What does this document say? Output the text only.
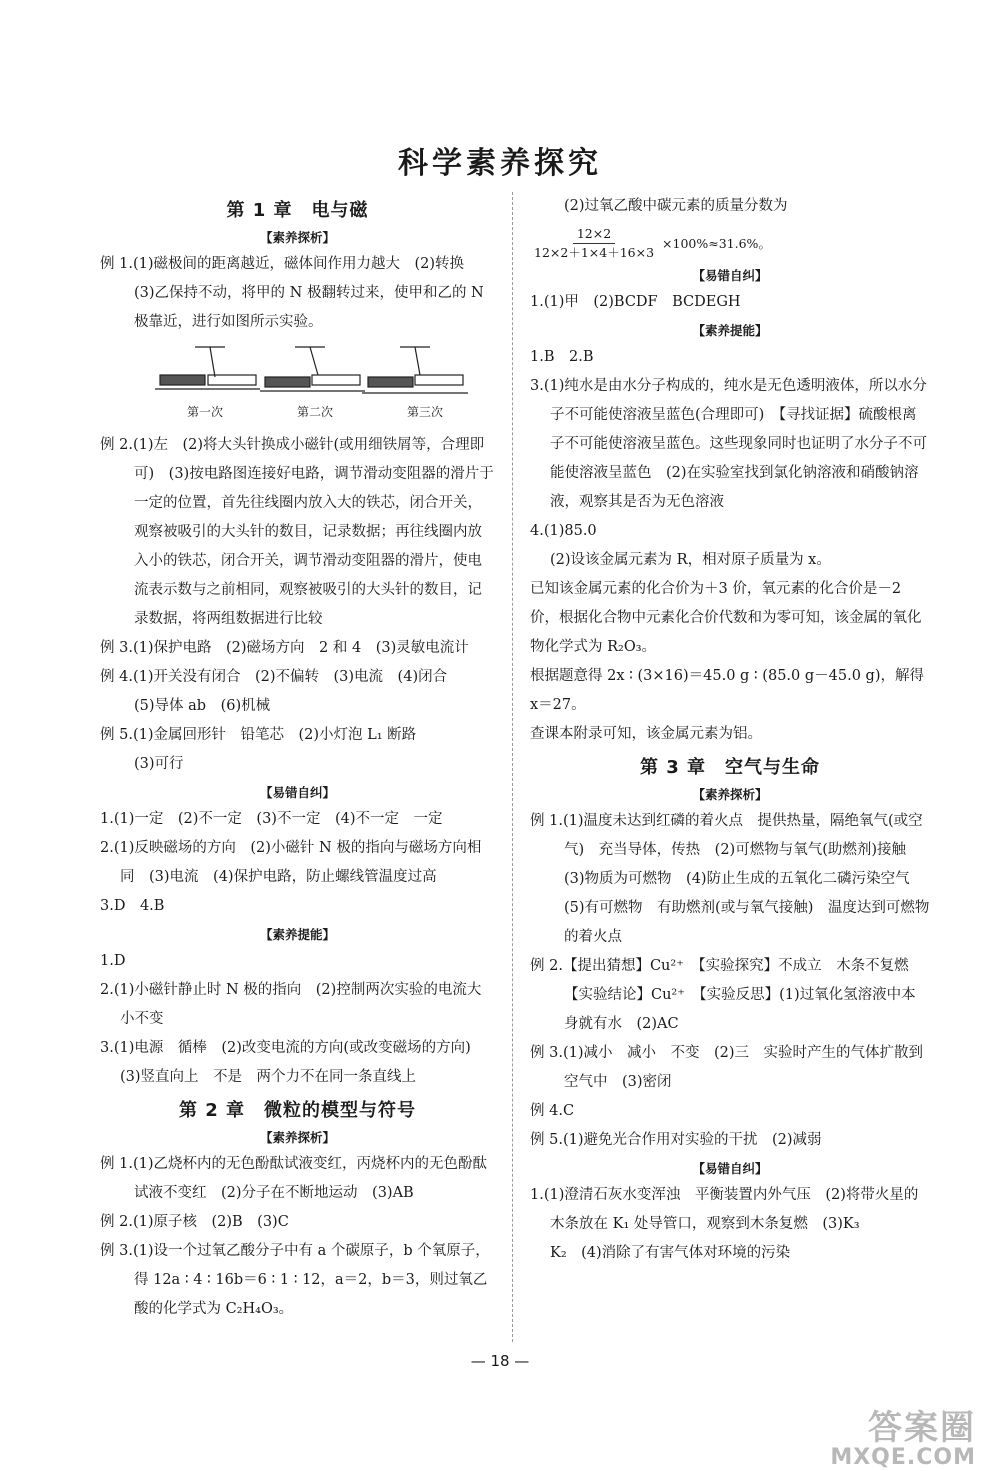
科学素养探究
第 1 章　电与磁
【素养探析】

例 1.(1)磁极间的距离越近，磁体间作用力越大　(2)转换

(3)乙保持不动，将甲的 N 极翻转过来，使甲和乙的 N 极靠近，进行如图所示实验。

第一次	第二次	第三次

例 2.(1)左　(2)将大头针换成小磁针(或用细铁屑等，合理即可)　(3)按电路图连接好电路，调节滑动变阻器的滑片于一定的位置，首先往线圈内放入大的铁芯，闭合开关，观察被吸引的大头针的数目，记录数据；再往线圈内放入小的铁芯，闭合开关，调节滑动变阻器的滑片，使电流表示数与之前相同，观察被吸引的大头针的数目，记录数据，将两组数据进行比较

例 3.(1)保护电路　(2)磁场方向　2 和 4　(3)灵敏电流计

例 4.(1)开关没有闭合　(2)不偏转　(3)电流　(4)闭合

(5)导体 ab　(6)机械

例 5.(1)金属回形针　铅笔芯　(2)小灯泡 L₁ 断路

(3)可行

【易错自纠】

1.(1)一定　(2)不一定　(3)不一定　(4)不一定　一定

2.(1)反映磁场的方向　(2)小磁针 N 极的指向与磁场方向相同　(3)电流　(4)保护电路，防止螺线管温度过高

3.D　4.B

【素养提能】

1.D

2.(1)小磁针静止时 N 极的指向　(2)控制两次实验的电流大小不变

3.(1)电源　循棒　(2)改变电流的方向(或改变磁场的方向)

(3)竖直向上　不是　两个力不在同一条直线上

第 2 章　微粒的模型与符号
【素养探析】

例 1.(1)乙烧杯内的无色酚酞试液变红，丙烧杯内的无色酚酞试液不变红　(2)分子在不断地运动　(3)AB

例 2.(1)原子核　(2)B　(3)C

例 3.(1)设一个过氧乙酸分子中有 a 个碳原子，b 个氧原子，得 12a ∶ 4 ∶ 16b＝6 ∶ 1 ∶ 12，a＝2，b＝3，则过氧乙酸的化学式为 C₂H₄O₃。

(2)过氧乙酸中碳元素的质量分数为

$\frac{12\times 2}{12\times 2+1\times 4+16\times 3} \times 100\%\approx 31.6\%$。
【易错自纠】

1.(1)甲　(2)BCDF　BCDEGH

【素养提能】

1.B　2.B

3.(1)纯水是由水分子构成的，纯水是无色透明液体，所以水分子不可能使溶液呈蓝色(合理即可)　【寻找证据】硫酸根离子不可能使溶液呈蓝色。这些现象同时也证明了水分子不可能使溶液呈蓝色　(2)在实验室找到氯化钠溶液和硝酸钠溶液，观察其是否为无色溶液

4.(1)85.0

(2)设该金属元素为 R，相对原子质量为 x。

已知该金属元素的化合价为＋3 价，氧元素的化合价是－2 价，根据化合物中元素化合价代数和为零可知，该金属的氧化物化学式为 R₂O₃。

根据题意得 2x ∶ (3×16)＝45.0 g ∶ (85.0 g－45.0 g)，解得 x＝27。

查课本附录可知，该金属元素为铝。

第 3 章　空气与生命
【素养探析】

例 1.(1)温度未达到红磷的着火点　提供热量，隔绝氧气(或空气)　充当导体，传热　(2)可燃物与氧气(助燃剂)接触　(3)物质为可燃物　(4)防止生成的五氧化二磷污染空气　(5)有可燃物　有助燃剂(或与氧气接触)　温度达到可燃物的着火点

例 2.【提出猜想】Cu²⁺　【实验探究】不成立　木条不复燃

【实验结论】Cu²⁺　【实验反思】(1)过氧化氢溶液中本身就有水　(2)AC

例 3.(1)减小　减小　不变　(2)三　实验时产生的气体扩散到空气中　(3)密闭

例 4.C

例 5.(1)避免光合作用对实验的干扰　(2)减弱

【易错自纠】

1.(1)澄清石灰水变浑浊　平衡装置内外气压　(2)将带火星的木条放在 K₁ 处导管口，观察到木条复燃　(3)K₃

K₂　(4)消除了有害气体对环境的污染

— 18 —
答案圈
MXQE.COM
